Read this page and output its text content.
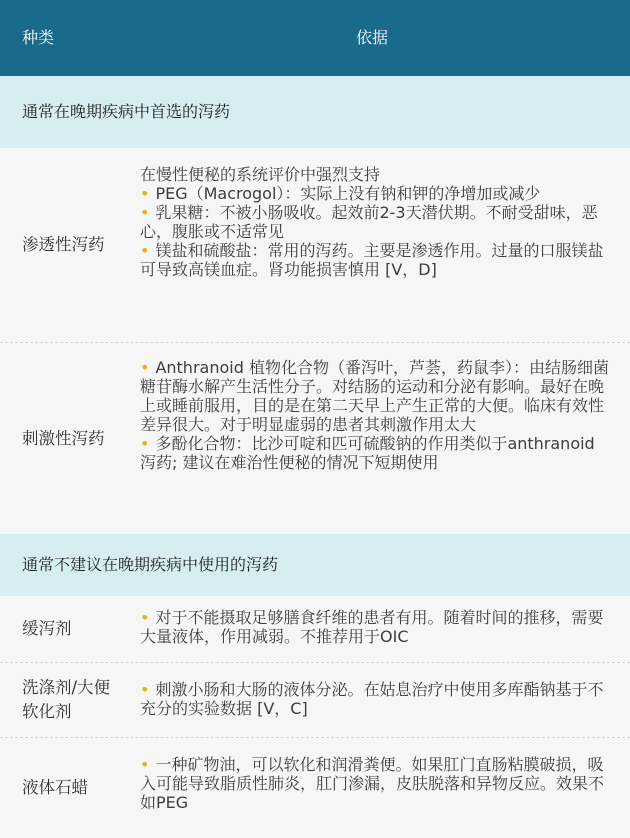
种类	依据
通常在晚期疾病中首选的泻药
渗透性泻药
在慢性便秘的系统评价中强烈支持
• PEG（Macrogol）：实际上没有钠和钾的净增加或减少
• 乳果糖：不被小肠吸收。起效前2-3天潜伏期。不耐受甜味，恶心，腹胀或不适常见
• 镁盐和硫酸盐：常用的泻药。主要是渗透作用。过量的口服镁盐可导致高镁血症。肾功能损害慎用 [V，D]
刺激性泻药
• Anthranoid 植物化合物（番泻叶，芦荟，药鼠李）：由结肠细菌糖苷酶水解产生活性分子。对结肠的运动和分泌有影响。最好在晚上或睡前服用，目的是在第二天早上产生正常的大便。临床有效性差异很大。对于明显虚弱的患者其刺激作用太大
• 多酚化合物：比沙可啶和匹可硫酸钠的作用类似于anthranoid 泻药; 建议在难治性便秘的情况下短期使用
通常不建议在晚期疾病中使用的泻药
缓泻剂
• 对于不能摄取足够膳食纤维的患者有用。随着时间的推移，需要大量液体，作用减弱。不推荐用于OIC
洗涤剂/大便软化剂
• 刺激小肠和大肠的液体分泌。在姑息治疗中使用多库酯钠基于不充分的实验数据 [V，C]
液体石蜡
• 一种矿物油，可以软化和润滑粪便。如果肛门直肠粘膜破损，吸入可能导致脂质性肺炎，肛门渗漏，皮肤脱落和异物反应。效果不如PEG
